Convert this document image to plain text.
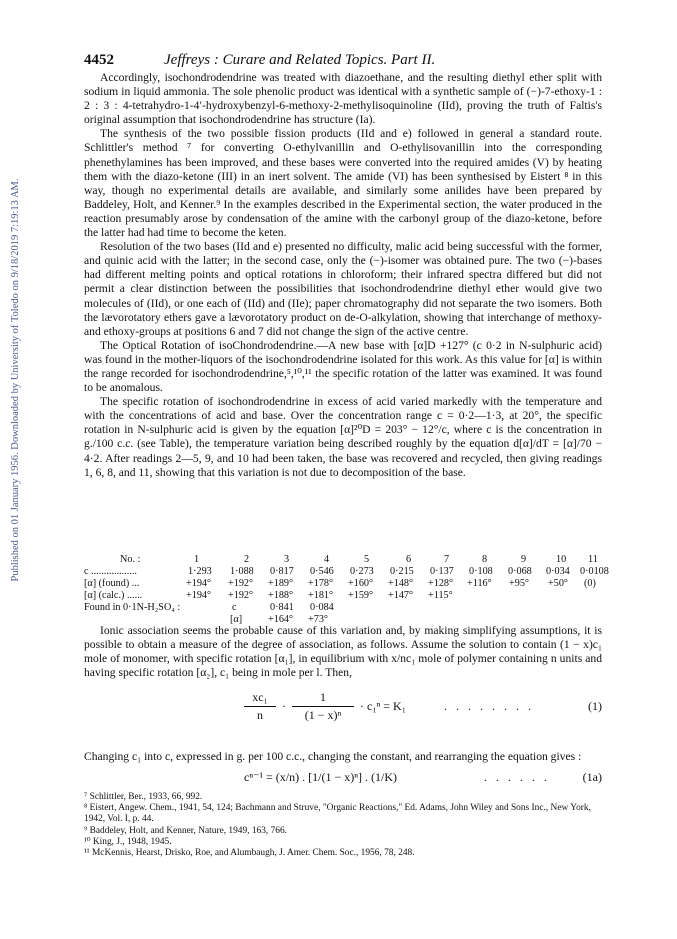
Published on 01 January 1956. Downloaded by University of Toledo on 9/18/2019 7:19:13 AM.
4452	Jeffreys : Curare and Related Topics. Part II.

Accordingly, isochondrodendrine was treated with diazoethane, and the resulting diethyl ether split with sodium in liquid ammonia. The sole phenolic product was identical with a synthetic sample of (−)-7-ethoxy-1 : 2 : 3 : 4-tetrahydro-1-4′-hydroxybenzyl-6-methoxy-2-methylisoquinoline (IId), proving the truth of Faltis's original assumption that isochondrodendrine has structure (Ia).

The synthesis of the two possible fission products (IId and e) followed in general a standard route. Schlittler's method ⁷ for converting O-ethylvanillin and O-ethylisovanillin into the corresponding phenethylamines has been improved, and these bases were converted into the required amides (V) by heating them with the diazo-ketone (III) in an inert solvent. The amide (VI) has been synthesised by Eistert ⁸ in this way, though no experimental details are available, and similarly some anilides have been prepared by Baddeley, Holt, and Kenner.⁹ In the examples described in the Experimental section, the water produced in the reaction presumably arose by condensation of the amine with the carbonyl group of the diazo-ketone, before the latter had had time to become the keten.

Resolution of the two bases (IId and e) presented no difficulty, malic acid being successful with the former, and quinic acid with the latter; in the second case, only the (−)-isomer was obtained pure. The two (−)-bases had different melting points and optical rotations in chloroform; their infrared spectra differed but did not permit a clear distinction between the possibilities that isochondrodendrine diethyl ether would give two molecules of (IId), or one each of (IId) and (IIe); paper chromatography did not separate the two isomers. Both the lævorotatory ethers gave a lævorotatory product on de-O-alkylation, showing that interchange of methoxy- and ethoxy-groups at positions 6 and 7 did not change the sign of the active centre.

The Optical Rotation of isoChondrodendrine.—A new base with [α]D +127° (c 0·2 in N-sulphuric acid) was found in the mother-liquors of the isochondrodendrine isolated for this work. As this value for [α] is within the range recorded for isochondrodendrine,⁵,¹⁰,¹¹ the specific rotation of the latter was examined. It was found to be anomalous.

The specific rotation of isochondrodendrine in excess of acid varied markedly with the temperature and with the concentrations of acid and base. Over the concentration range c = 0·2—1·3, at 20°, the specific rotation in N-sulphuric acid is given by the equation [α]²⁰D = 203° − 12°/c, where c is the concentration in g./100 c.c. (see Table), the temperature variation being described roughly by the equation d[α]/dT = [α]/70 − 4·2. After readings 2—5, 9, and 10 had been taken, the base was recovered and recycled, then giving readings 1, 6, 8, and 11, showing that this variation is not due to decomposition of the base.

No. :	1	2	3	4	5	6	7	8	9	10 11
c ..................	1·293 1·088 0·817 0·546 0·273 0·215 0·137 0·108 0·068 0·034 0·0108
[α] (found) ...	+194° +192° +189° +178° +160° +148° +128° +116° +95° +50° (0)
[α] (calc.) ......	+194° +192° +188° +181° +159° +147° +115°
Found in 0·1N-H₂SO₄ :	c	0·841 0·084
[α]	+164° +73°

Ionic association seems the probable cause of this variation and, by making simplifying assumptions, it is possible to obtain a measure of the degree of association, as follows. Assume the solution to contain (1 − x)c₁ mole of monomer, with specific rotation [α₁], in equilibrium with x/nc₁ mole of polymer containing n units and having specific rotation [α₂], c₁ being in mole per l. Then,

xc₁
n
·
1
(1 − x)ⁿ
· c₁ⁿ = K₁	. . . . . . . .	(1)

Changing c₁ into c, expressed in g. per 100 c.c., changing the constant, and rearranging the equation gives :

cⁿ⁻¹ = (x/n) . [1/(1 − x)ⁿ] . (1/K)	. . . . . .	(1a)

⁷ Schlittler, Ber., 1933, 66, 992.

⁸ Eistert, Angew. Chem., 1941, 54, 124; Bachmann and Struve, "Organic Reactions," Ed. Adams, John Wiley and Sons Inc., New York, 1942, Vol. I, p. 44.

⁹ Baddeley, Holt, and Kenner, Nature, 1949, 163, 766.

¹⁰ King, J., 1948, 1945.

¹¹ McKennis, Hearst, Drisko, Roe, and Alumbaugh, J. Amer. Chem. Soc., 1956, 78, 248.
